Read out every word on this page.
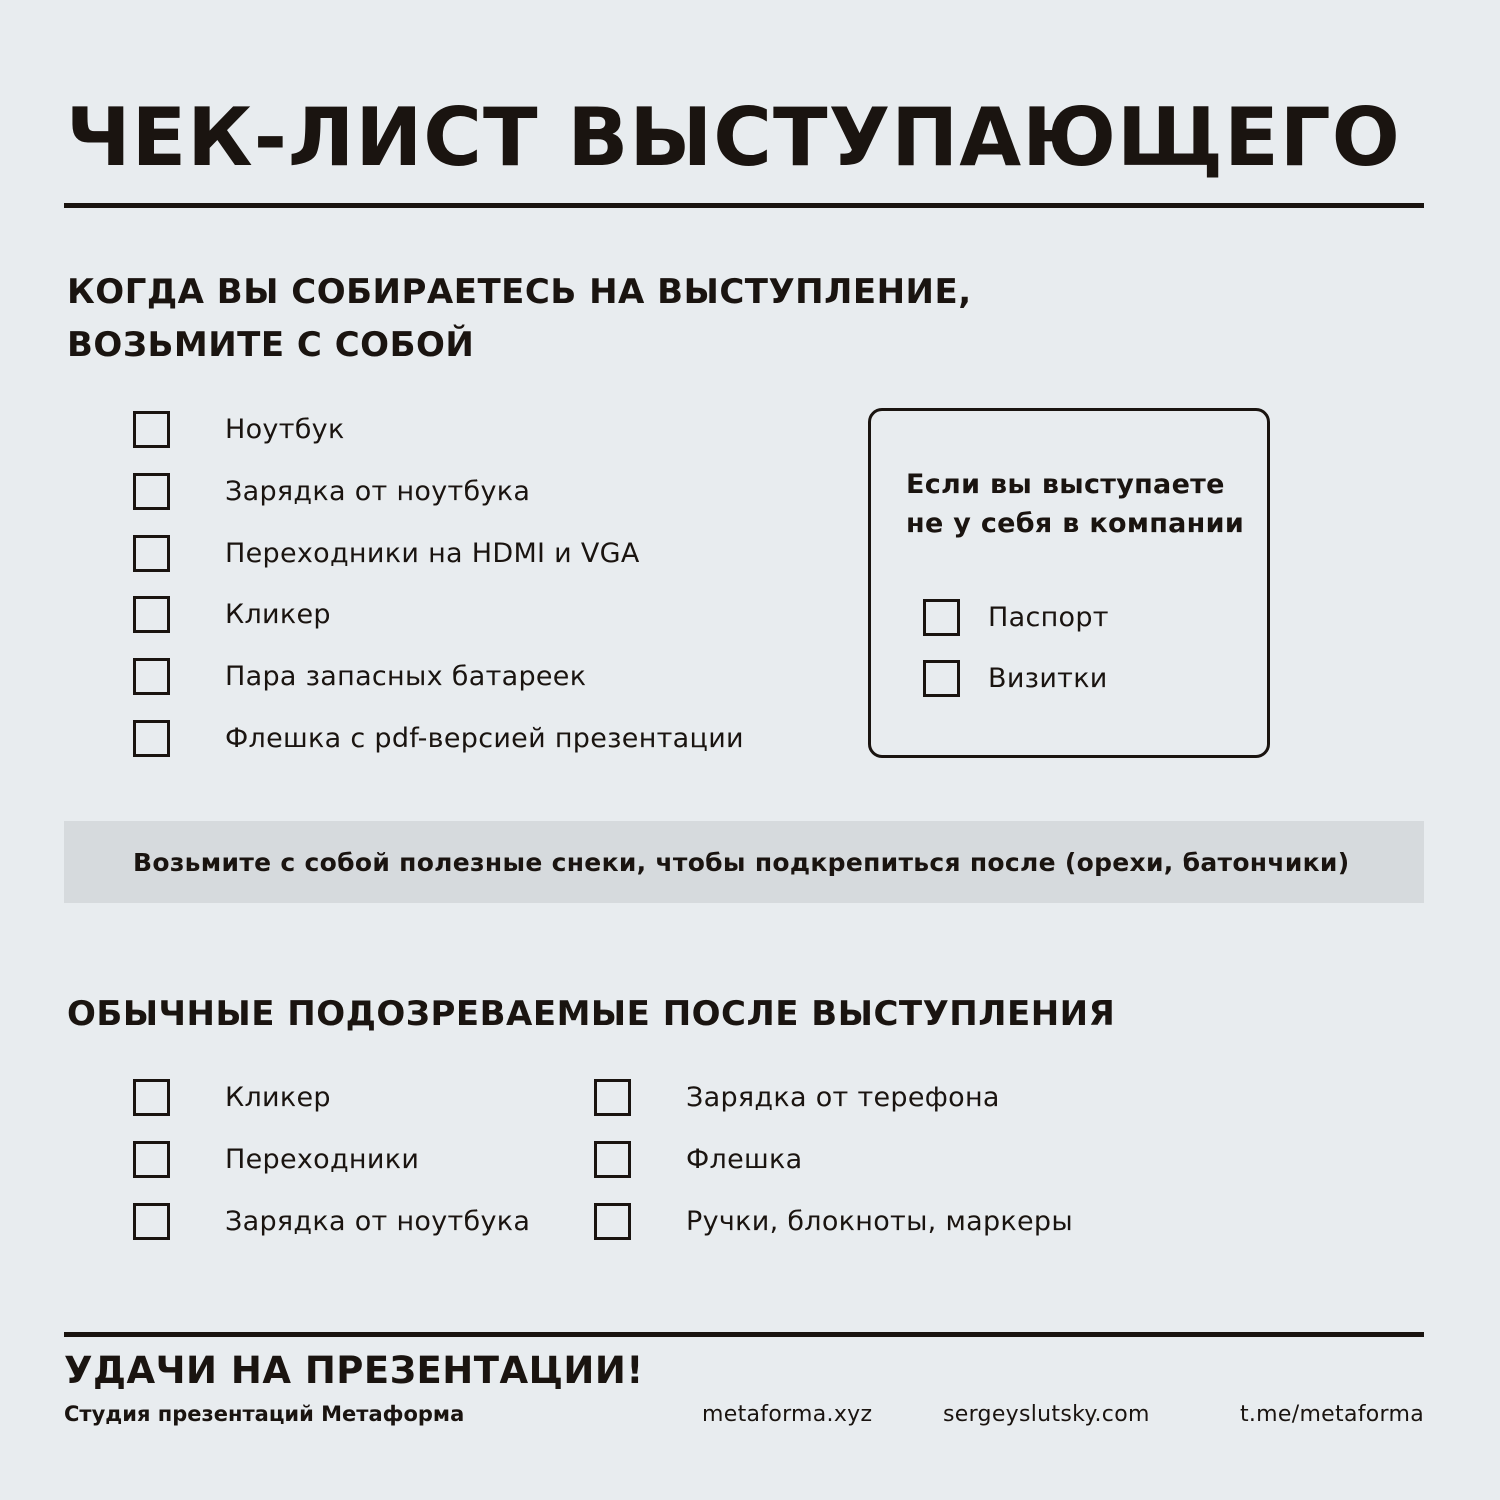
ЧЕК-ЛИСТ ВЫСТУПАЮЩЕГО
КОГДА ВЫ СОБИРАЕТЕСЬ НА ВЫСТУПЛЕНИЕ,
ВОЗЬМИТЕ С СОБОЙ
Ноутбук
Зарядка от ноутбука
Переходники на HDMI и VGA
Кликер
Пара запасных батареек
Флешка с pdf-версией презентации

Если вы выступаете
не у себя в компании

Паспорт
Визитки
Возьмите с собой полезные снеки, чтобы подкрепиться после (орехи, батончики)
ОБЫЧНЫЕ ПОДОЗРЕВАЕМЫЕ ПОСЛЕ ВЫСТУПЛЕНИЯ
Кликер
Переходники
Зарядка от ноутбука
Зарядка от терефона
Флешка
Ручки, блокноты, маркеры
УДАЧИ НА ПРЕЗЕНТАЦИИ!
Студия презентаций Метаформа	metaforma.xyz	sergeyslutsky.com	t.me/metaforma
